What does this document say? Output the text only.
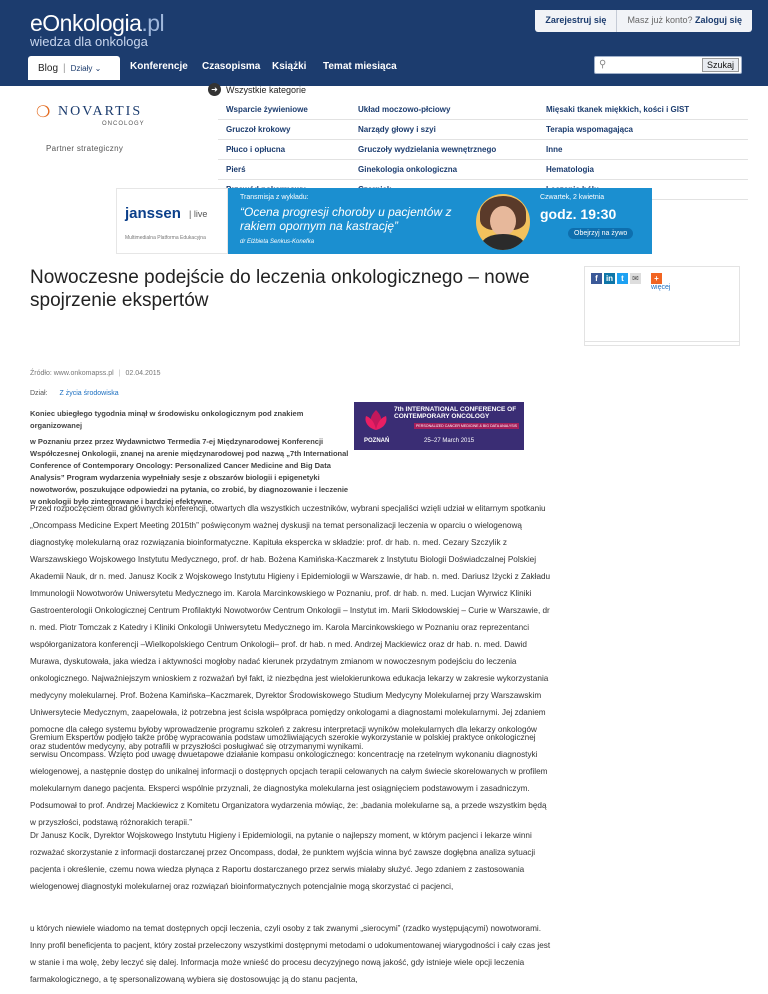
eOnkologia.pl
wiedza dla onkologa
Zarejestruj się	Masz już konto? Zaloguj się
Blog | Działy ⌄	Konferencje Czasopisma Książki Temat miesiąca	⚲	Szukaj
❍ NOVARTIS
ONCOLOGY
Partner strategiczny
➜ Wszystkie kategorie
Wsparcie żywieniowe	Układ moczowo-płciowy	Mięsaki tkanek miękkich, kości i GIST
Gruczoł krokowy	Narządy głowy i szyi	Terapia wspomagająca
Płuco i opłucna	Gruczoły wydzielania wewnętrznego	Inne
Pierś	Ginekologia onkologiczna	Hematologia
janssen | live
Multimedialna Platforma Edukacyjna
Transmisja z wykładu:
“Ocena progresji choroby u pacjentów z rakiem opornym na kastrację”
dr Elżbieta Senkus-Konefka
Czwartek, 2 kwietnia
godz. 19:30
Obejrzyj na żywo
Nowoczesne podejście do leczenia onkologicznego – nowe spojrzenie ekspertów
f	in	t	✉	+
więcej
Źródło: www.onkomapss.pl | 02.04.2015
Dział: Z życia środowiska
Koniec ubiegłego tygodnia minął w środowisku onkologicznym pod znakiem organizowanej
w Poznaniu przez przez Wydawnictwo Termedia 7-ej Międzynarodowej Konferencji Współczesnej Onkologii, znanej na arenie międzynarodowej pod nazwą „7th International Conference of Contemporary Oncology: Personalized Cancer Medicine and Big Data Analysis” Program wydarzenia wypełniały sesje z obszarów biologii i epigenetyki nowotworów, poszukujące odpowiedzi na pytania, co zrobić, by diagnozowanie i leczenie w onkologii było zintegrowane i bardziej efektywne.
7th INTERNATIONAL CONFERENCE OF CONTEMPORARY ONCOLOGY
PERSONALIZED CANCER MEDICINE & BIG DATA ANALYSIS
POZNAŃ	25–27 March 2015

Przed rozpoczęciem obrad głównych konferencji, otwartych dla wszystkich uczestników, wybrani specjaliści wzięli udział w elitarnym spotkaniu „Oncompass Medicine Expert Meeting 2015th” poświęconym ważnej dyskusji na temat personalizacji leczenia w oparciu o wielogenową diagnostykę molekularną oraz rozwiązania bioinformatyczne. Kapituła ekspercka w składzie: prof. dr hab. n. med. Cezary Szczylik z Warszawskiego Wojskowego Instytutu Medycznego, prof. dr hab. Bożena Kamińska-Kaczmarek z Instytutu Biologii Doświadczalnej Polskiej Akademii Nauk, dr n. med. Janusz Kocik z Wojskowego Instytutu Higieny i Epidemiologii w Warszawie, dr hab. n. med. Dariusz Iżycki z Zakładu Immunologii Nowotworów Uniwersytetu Medycznego im. Karola Marcinkowskiego w Poznaniu, prof. dr hab. n. med. Lucjan Wyrwicz Kliniki Gastroenterologii Onkologicznej Centrum Profilaktyki Nowotworów Centrum Onkologii – Instytut im. Marii Skłodowskiej – Curie w Warszawie, dr n. med. Piotr Tomczak z Katedry i Kliniki Onkologii Uniwersytetu Medycznego im. Karola Marcinkowskiego w Poznaniu oraz reprezentanci współorganizatora konferencji –Wielkopolskiego Centrum Onkologii– prof. dr hab. n med. Andrzej Mackiewicz oraz dr hab. n. med. Dawid Murawa, dyskutowała, jaka wiedza i aktywności mogłoby nadać kierunek przydatnym zmianom w nowoczesnym podejściu do leczenia onkologicznego. Najważniejszym wnioskiem z rozważań był fakt, iż niezbędna jest wielokierunkowa edukacja lekarzy w zakresie wykorzystania medycyny molekularnej. Prof. Bożena Kamińska–Kaczmarek, Dyrektor Środowiskowego Studium Medycyny Molekularnej przy Warszawskim Uniwersytecie Medycznym, zaapelowała, iż potrzebna jest ścisła współpraca pomiędzy onkologami a diagnostami molekularnymi. Jej zdaniem pomocne dla całego systemu byłoby wprowadzenie programu szkoleń z zakresu interpretacji wyników molekularnych dla lekarzy onkologów oraz studentów medycyny, aby potrafili w przyszłości posługiwać się otrzymanymi wynikami.

Gremium Ekspertów podjęło także próbę wypracowania podstaw umożliwiających szerokie wykorzystanie w polskiej praktyce onkologicznej serwisu Oncompass. Wzięto pod uwagę dwuetapowe działanie kompasu onkologicznego: koncentrację na rzetelnym wykonaniu diagnostyki wielogenowej, a następnie dostęp do unikalnej informacji o dostępnych opcjach terapii celowanych na całym świecie skorelowanych w profilem molekularnym danego pacjenta. Eksperci wspólnie przyznali, że diagnostyka molekularna jest osiągnięciem podstawowym i zasadniczym. Podsumował to prof. Andrzej Mackiewicz z Komitetu Organizatora wydarzenia mówiąc, że: „badania molekularne są, a przede wszystkim będą w przyszłości, podstawą różnorakich terapii.”

Dr Janusz Kocik, Dyrektor Wojskowego Instytutu Higieny i Epidemiologii, na pytanie o najlepszy moment, w którym pacjenci i lekarze winni rozważać skorzystanie z informacji dostarczanej przez Oncompass, dodał, że punktem wyjścia winna być zawsze dogłębna analiza sytuacji pacjenta i określenie, czemu nowa wiedza płynąca z Raportu dostarczanego przez serwis miałaby służyć. Jego zdaniem z zastosowania wielogenowej diagnostyki molekularnej oraz rozwiązań bioinformatycznych potencjalnie mogą skorzystać ci pacjenci,

u których niewiele wiadomo na temat dostępnych opcji leczenia, czyli osoby z tak zwanymi „sierocymi” (rzadko występującymi) nowotworami. Inny profil beneficjenta to pacjent, który został przeleczony wszystkimi dostępnymi metodami o udokumentowanej wiarygodności i cały czas jest w stanie i ma wolę, żeby leczyć się dalej. Informacja może wnieść do procesu decyzyjnego nową jakość, gdy istnieje wiele opcji leczenia farmakologicznego, a tę spersonalizowaną wybiera się dostosowując ją do stanu pacjenta,
